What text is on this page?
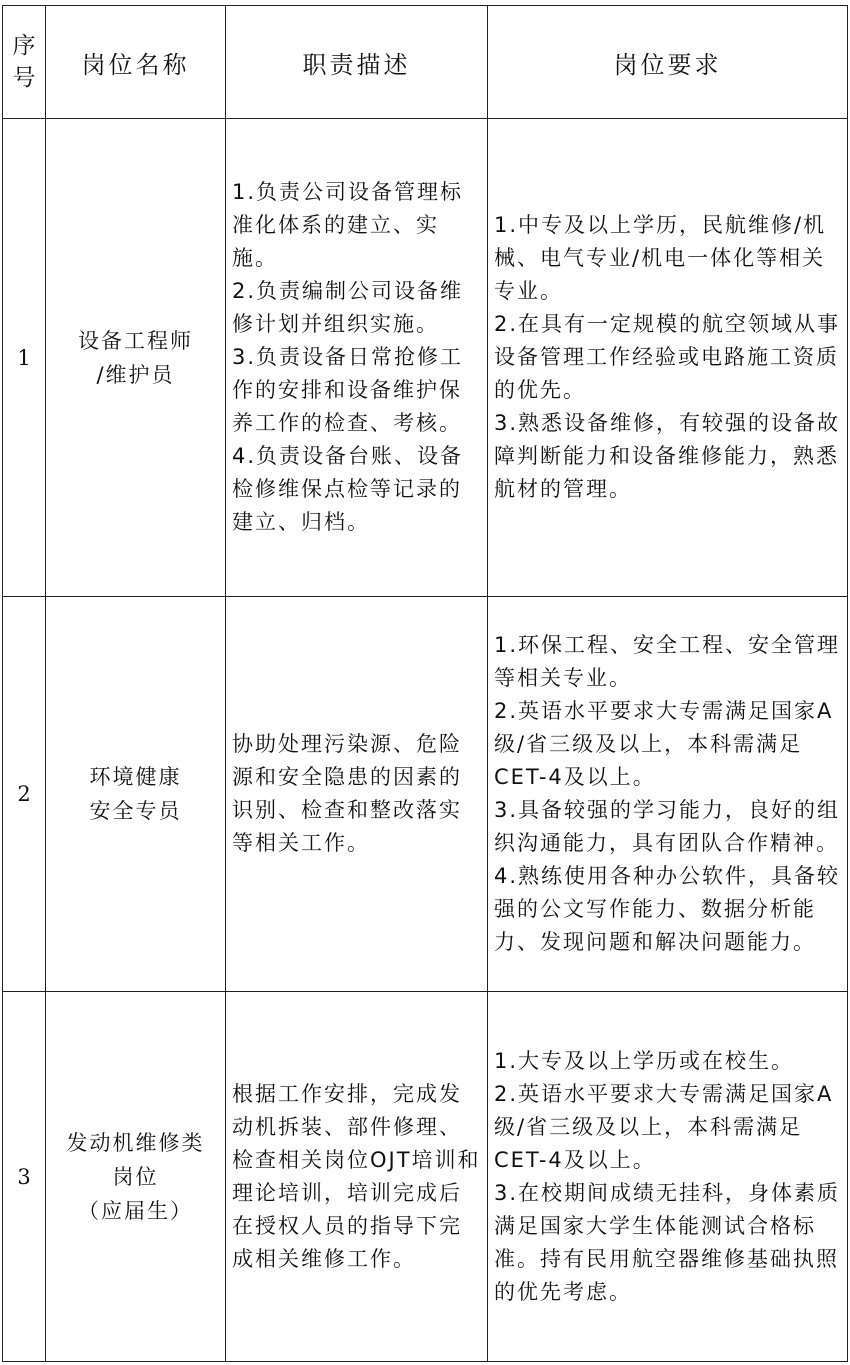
序
号	岗位名称	职责描述	岗位要求
1	设备工程师
/维护员	1.负责公司设备管理标准化体系的建立、实施。
2.负责编制公司设备维修计划并组织实施。
3.负责设备日常抢修工作的安排和设备维护保养工作的检查、考核。
4.负责设备台账、设备检修维保点检等记录的建立、归档。	1.中专及以上学历，民航维修/机械、电气专业/机电一体化等相关专业。
2.在具有一定规模的航空领域从事设备管理工作经验或电路施工资质的优先。
3.熟悉设备维修，有较强的设备故障判断能力和设备维修能力，熟悉航材的管理。

2	环境健康
安全专员	协助处理污染源、危险源和安全隐患的因素的识别、检查和整改落实等相关工作。	1.环保工程、安全工程、安全管理等相关专业。
2.英语水平要求大专需满足国家A级/省三级及以上，本科需满足CET-4及以上。
3.具备较强的学习能力，良好的组织沟通能力，具有团队合作精神。
4.熟练使用各种办公软件，具备较强的公文写作能力、数据分析能力、发现问题和解决问题能力。

3	发动机维修类
岗位
（应届生）	根据工作安排，完成发动机拆装、部件修理、检查相关岗位OJT培训和理论培训，培训完成后在授权人员的指导下完成相关维修工作。	1.大专及以上学历或在校生。
2.英语水平要求大专需满足国家A级/省三级及以上，本科需满足CET-4及以上。
3.在校期间成绩无挂科，身体素质满足国家大学生体能测试合格标准。持有民用航空器维修基础执照的优先考虑。
